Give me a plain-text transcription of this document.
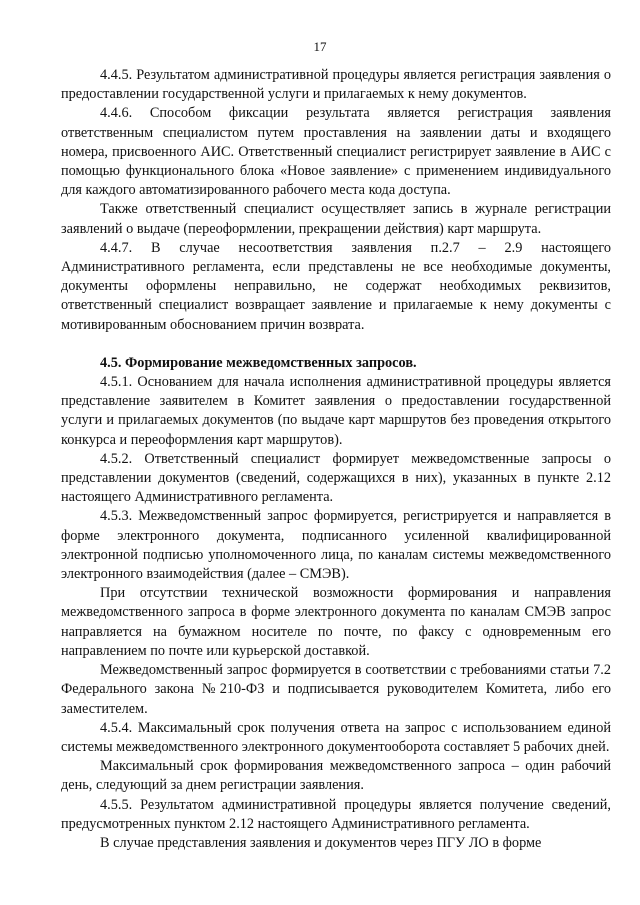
17

4.4.5. Результатом административной процедуры является регистрация заявления о предоставлении государственной услуги и прилагаемых к нему документов.

4.4.6. Способом фиксации результата является регистрация заявления ответственным специалистом путем проставления на заявлении даты и входящего номера, присвоенного АИС. Ответственный специалист регистрирует заявление в АИС с помощью функционального блока «Новое заявление» с применением индивидуального для каждого автоматизированного рабочего места кода доступа.

Также ответственный специалист осуществляет запись в журнале регистрации заявлений о выдаче (переоформлении, прекращении действия) карт маршрута.

4.4.7. В случае несоответствия заявления п.2.7 – 2.9 настоящего Административного регламента, если представлены не все необходимые документы, документы оформлены неправильно, не содержат необходимых реквизитов, ответственный специалист возвращает заявление и прилагаемые к нему документы с мотивированным обоснованием причин возврата.

4.5. Формирование межведомственных запросов.

4.5.1. Основанием для начала исполнения административной процедуры является представление заявителем в Комитет заявления о предоставлении государственной услуги и прилагаемых документов (по выдаче карт маршрутов без проведения открытого конкурса и переоформления карт маршрутов).

4.5.2. Ответственный специалист формирует межведомственные запросы о представлении документов (сведений, содержащихся в них), указанных в пункте 2.12 настоящего Административного регламента.

4.5.3. Межведомственный запрос формируется, регистрируется и направляется в форме электронного документа, подписанного усиленной квалифицированной электронной подписью уполномоченного лица, по каналам системы межведомственного электронного взаимодействия (далее – СМЭВ).

При отсутствии технической возможности формирования и направления межведомственного запроса в форме электронного документа по каналам СМЭВ запрос направляется на бумажном носителе по почте, по факсу с одновременным его направлением по почте или курьерской доставкой.

Межведомственный запрос формируется в соответствии с требованиями статьи 7.2 Федерального закона №210-ФЗ и подписывается руководителем Комитета, либо его заместителем.

4.5.4. Максимальный срок получения ответа на запрос с использованием единой системы межведомственного электронного документооборота составляет 5 рабочих дней.

Максимальный срок формирования межведомственного запроса – один рабочий день, следующий за днем регистрации заявления.

4.5.5. Результатом административной процедуры является получение сведений, предусмотренных пунктом 2.12 настоящего Административного регламента.

В случае представления заявления и документов через ПГУ ЛО в форме
